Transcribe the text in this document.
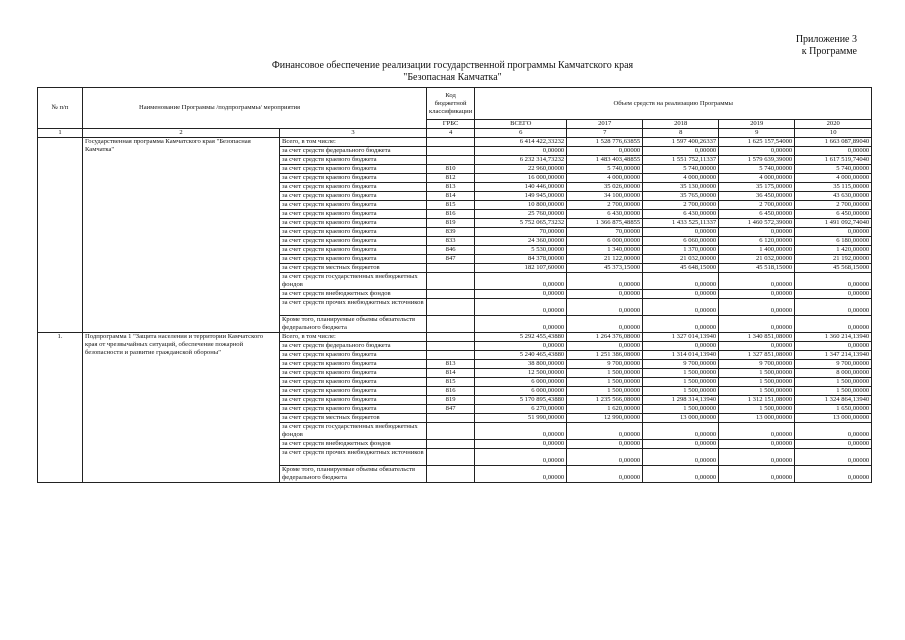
Приложение 3
к Программе
Финансовое обеспечение реализации государственной программы Камчатского края
"Безопасная Камчатка"
№ п/п	Наименование Программы /подпрограммы/ мероприятия		Код бюджетной классификации	Объем средств на реализацию Программы				
			ГРБС	ВСЕГО	2017	2018	2019	2020
1	2	3	4	6	7	8	9	10
	Государственная программа Камчатского края "Безопасная Камчатка"	Всего, в том числе:		6 414 422,33232	1 528 776,63855	1 597 400,26337	1 625 157,54000	1 663 087,89040
		за счет средств федерального бюджета		0,00000	0,00000	0,00000	0,00000	0,00000
		за счет средств краевого бюджета		6 232 314,73232	1 483 403,48855	1 551 752,11337	1 579 639,39000	1 617 519,74040
		за счет средств краевого бюджета	810	22 960,00000	5 740,00000	5 740,00000	5 740,00000	5 740,00000
		за счет средств краевого бюджета	812	16 000,00000	4 000,00000	4 000,00000	4 000,00000	4 000,00000
		за счет средств краевого бюджета	813	140 446,00000	35 026,00000	35 130,00000	35 175,00000	35 115,00000
		за счет средств краевого бюджета	814	149 945,00000	34 100,00000	35 765,00000	36 450,00000	43 630,00000
		за счет средств краевого бюджета	815	10 800,00000	2 700,00000	2 700,00000	2 700,00000	2 700,00000
		за счет средств краевого бюджета	816	25 760,00000	6 430,00000	6 430,00000	6 450,00000	6 450,00000
		за счет средств краевого бюджета	819	5 752 065,73232	1 366 875,48855	1 433 525,11337	1 460 572,39000	1 491 092,74040
		за счет средств краевого бюджета	839	70,00000	70,00000	0,00000	0,00000	0,00000
		за счет средств краевого бюджета	833	24 360,00000	6 000,00000	6 060,00000	6 120,00000	6 180,00000
		за счет средств краевого бюджета	846	5 530,00000	1 340,00000	1 370,00000	1 400,00000	1 420,00000
		за счет средств краевого бюджета	847	84 378,00000	21 122,00000	21 032,00000	21 032,00000	21 192,00000
		за счет средств местных бюджетов		182 107,60000	45 373,15000	45 648,15000	45 518,15000	45 568,15000
		за счет средств государственных внебюджетных фондов		0,00000	0,00000	0,00000	0,00000	0,00000
		за счет средств внебюджетных фондов		0,00000	0,00000	0,00000	0,00000	0,00000
		за счет средств прочих внебюджетных источников		0,00000	0,00000	0,00000	0,00000	0,00000
		Кроме того, планируемые объемы обязательств федерального бюджета		0,00000	0,00000	0,00000	0,00000	0,00000
1.	Подпрограмма 1 "Защита населения и территории Камчатского края от чрезвычайных ситуаций, обеспечение пожарной безопасности и развитие гражданской обороны"	Всего, в том числе:		5 292 455,43880	1 264 376,08000	1 327 014,13940	1 340 851,08000	1 360 214,13940
		за счет средств федерального бюджета		0,00000	0,00000	0,00000	0,00000	0,00000
		за счет средств краевого бюджета		5 240 465,43880	1 251 386,08000	1 314 014,13940	1 327 851,08000	1 347 214,13940
		за счет средств краевого бюджета	813	38 800,00000	9 700,00000	9 700,00000	9 700,00000	9 700,00000
		за счет средств краевого бюджета	814	12 500,00000	1 500,00000	1 500,00000	1 500,00000	8 000,00000
		за счет средств краевого бюджета	815	6 000,00000	1 500,00000	1 500,00000	1 500,00000	1 500,00000
		за счет средств краевого бюджета	816	6 000,00000	1 500,00000	1 500,00000	1 500,00000	1 500,00000
		за счет средств краевого бюджета	819	5 170 895,43880	1 235 566,08000	1 298 314,13940	1 312 151,08000	1 324 864,13940
		за счет средств краевого бюджета	847	6 270,00000	1 620,00000	1 500,00000	1 500,00000	1 650,00000
		за счет средств местных бюджетов		51 990,00000	12 990,00000	13 000,00000	13 000,00000	13 000,00000
		за счет средств государственных внебюджетных фондов		0,00000	0,00000	0,00000	0,00000	0,00000
		за счет средств внебюджетных фондов		0,00000	0,00000	0,00000	0,00000	0,00000
		за счет средств прочих внебюджетных источников		0,00000	0,00000	0,00000	0,00000	0,00000
		Кроме того, планируемые объемы обязательств федерального бюджета		0,00000	0,00000	0,00000	0,00000	0,00000
